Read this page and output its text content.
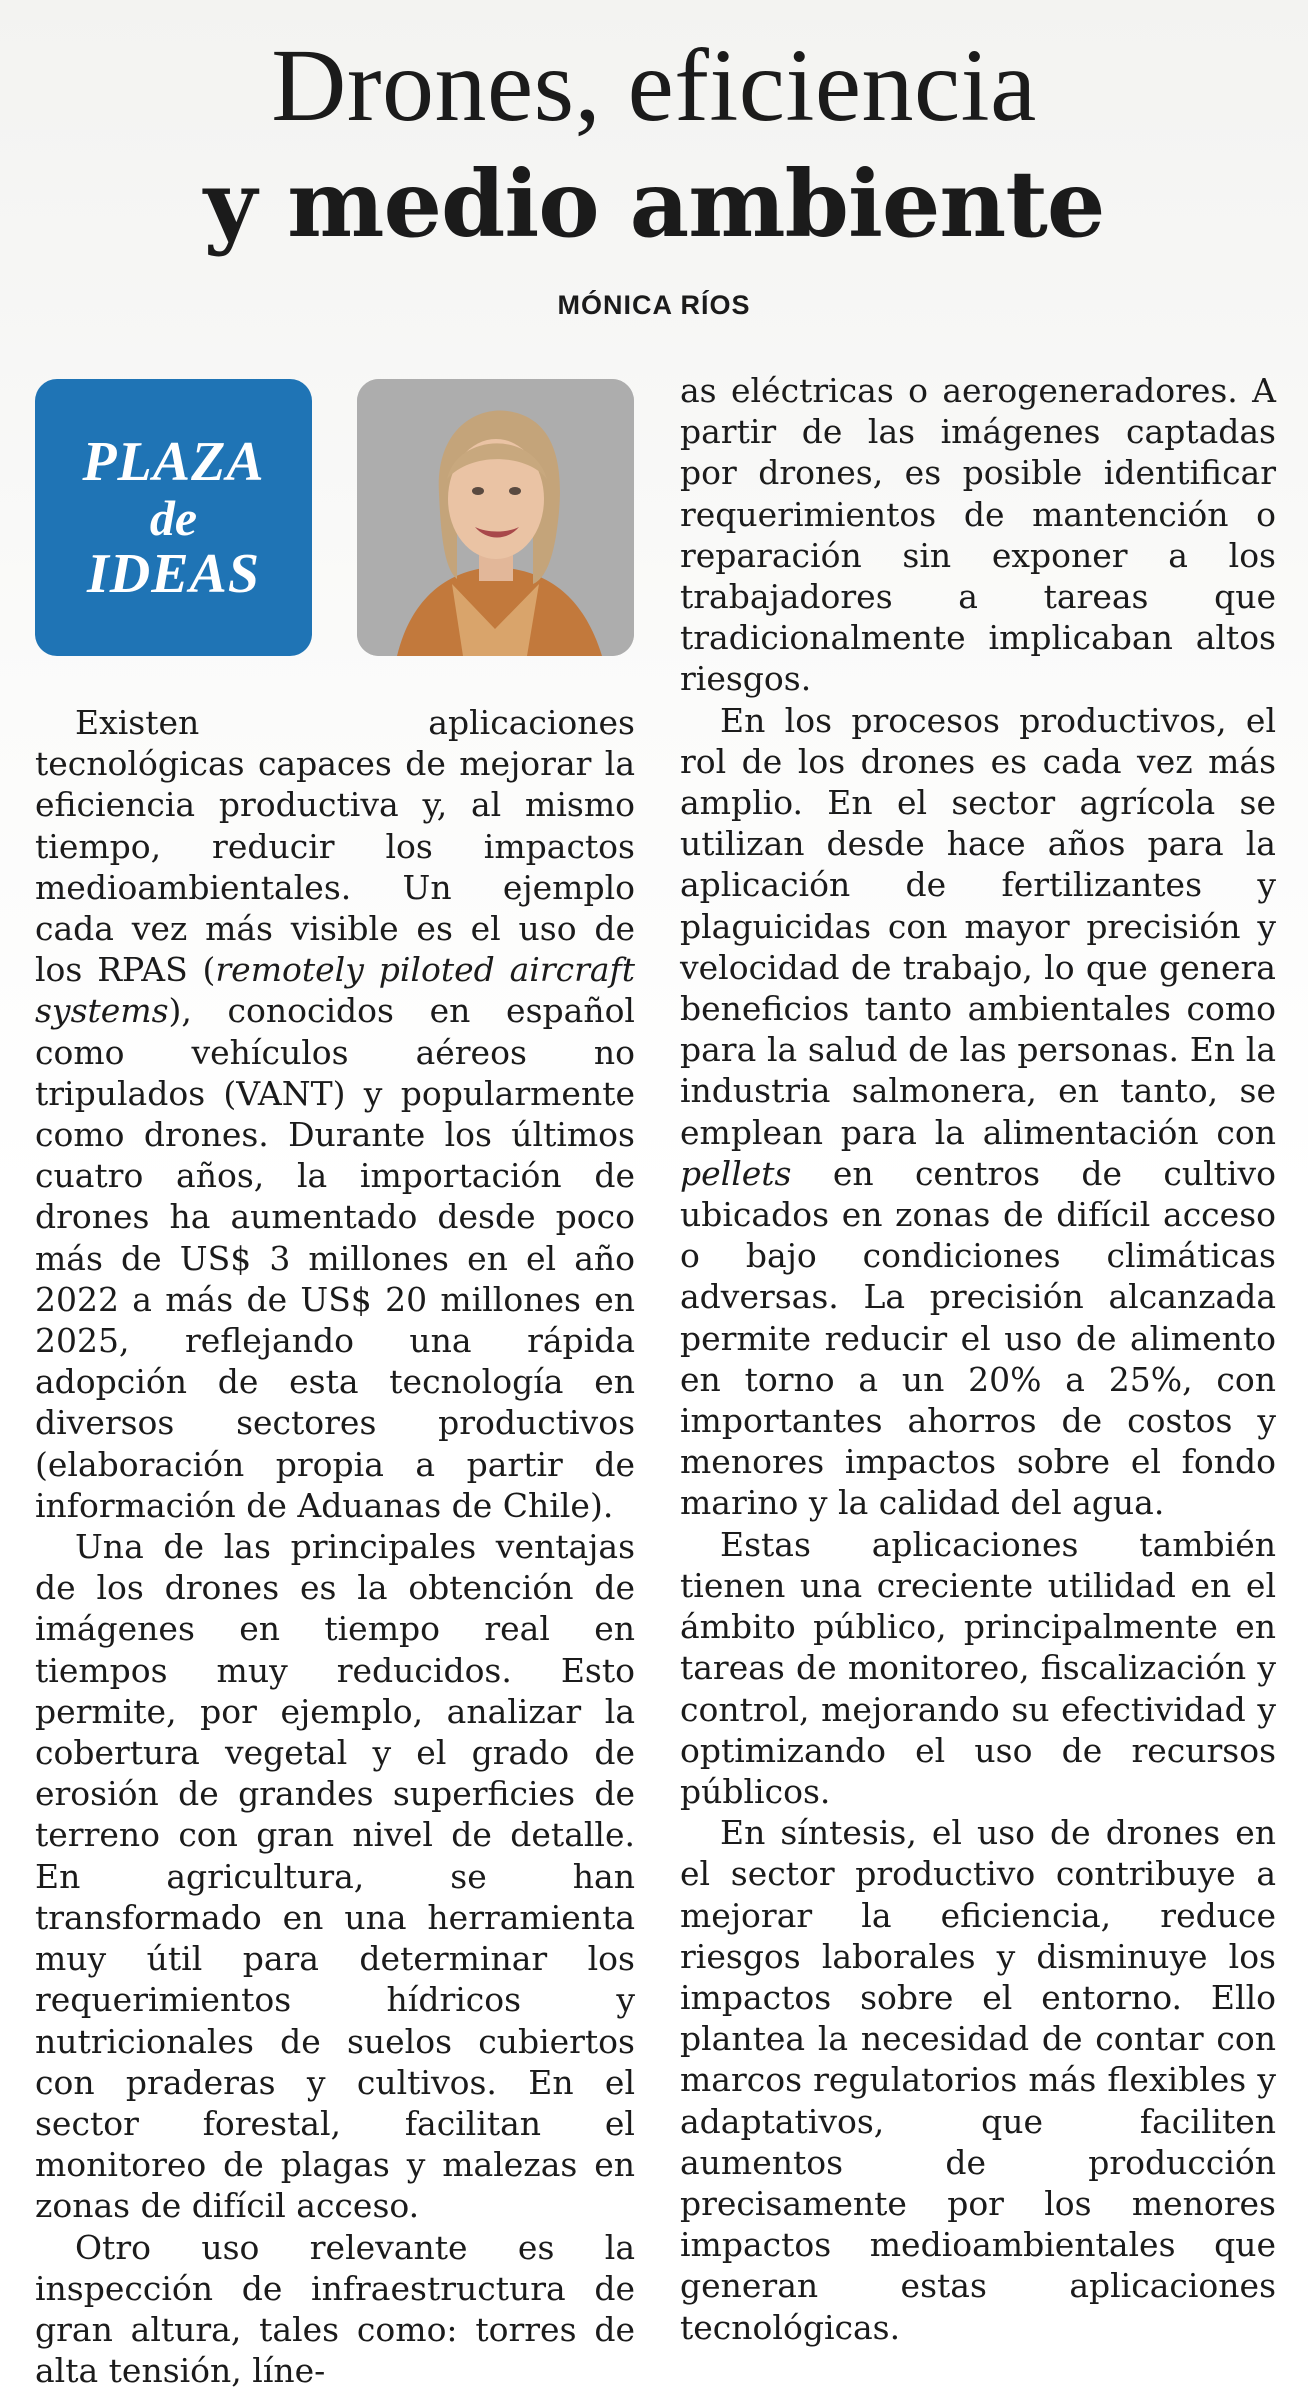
Drones, eficiencia
y medio ambiente
MÓNICA RÍOS
PLAZA
de
IDEAS

Existen aplicaciones tecnológicas capaces de mejorar la eficiencia productiva y, al mismo tiempo, reducir los impactos medioambientales. Un ejemplo cada vez más visible es el uso de los RPAS (remotely piloted aircraft systems), conocidos en español como vehículos aéreos no tripulados (VANT) y popularmente como drones. Durante los últimos cuatro años, la importación de drones ha aumentado desde poco más de US$ 3 millones en el año 2022 a más de US$ 20 millones en 2025, reflejando una rápida adopción de esta tecnología en diversos sectores productivos (elaboración propia a partir de información de Aduanas de Chile).

Una de las principales ventajas de los drones es la obtención de imágenes en tiempo real en tiempos muy reducidos. Esto permite, por ejemplo, analizar la cobertura vegetal y el grado de erosión de grandes superficies de terreno con gran nivel de detalle. En agricultura, se han transformado en una herramienta muy útil para determinar los requerimientos hídricos y nutricionales de suelos cubiertos con praderas y cultivos. En el sector forestal, facilitan el monitoreo de plagas y malezas en zonas de difícil acceso.

Otro uso relevante es la inspección de infraestructura de gran altura, tales como: torres de alta tensión, líne-

as eléctricas o aerogeneradores. A partir de las imágenes captadas por drones, es posible identificar requerimientos de mantención o reparación sin exponer a los trabajadores a tareas que tradicionalmente implicaban altos riesgos.

En los procesos productivos, el rol de los drones es cada vez más amplio. En el sector agrícola se utilizan desde hace años para la aplicación de fertilizantes y plaguicidas con mayor precisión y velocidad de trabajo, lo que genera beneficios tanto ambientales como para la salud de las personas. En la industria salmonera, en tanto, se emplean para la alimentación con pellets en centros de cultivo ubicados en zonas de difícil acceso o bajo condiciones climáticas adversas. La precisión alcanzada permite reducir el uso de alimento en torno a un 20% a 25%, con importantes ahorros de costos y menores impactos sobre el fondo marino y la calidad del agua.

Estas aplicaciones también tienen una creciente utilidad en el ámbito público, principalmente en tareas de monitoreo, fiscalización y control, mejorando su efectividad y optimizando el uso de recursos públicos.

En síntesis, el uso de drones en el sector productivo contribuye a mejorar la eficiencia, reduce riesgos laborales y disminuye los impactos sobre el entorno. Ello plantea la necesidad de contar con marcos regulatorios más flexibles y adaptativos, que faciliten aumentos de producción precisamente por los menores impactos medioambientales que generan estas aplicaciones tecnológicas.
